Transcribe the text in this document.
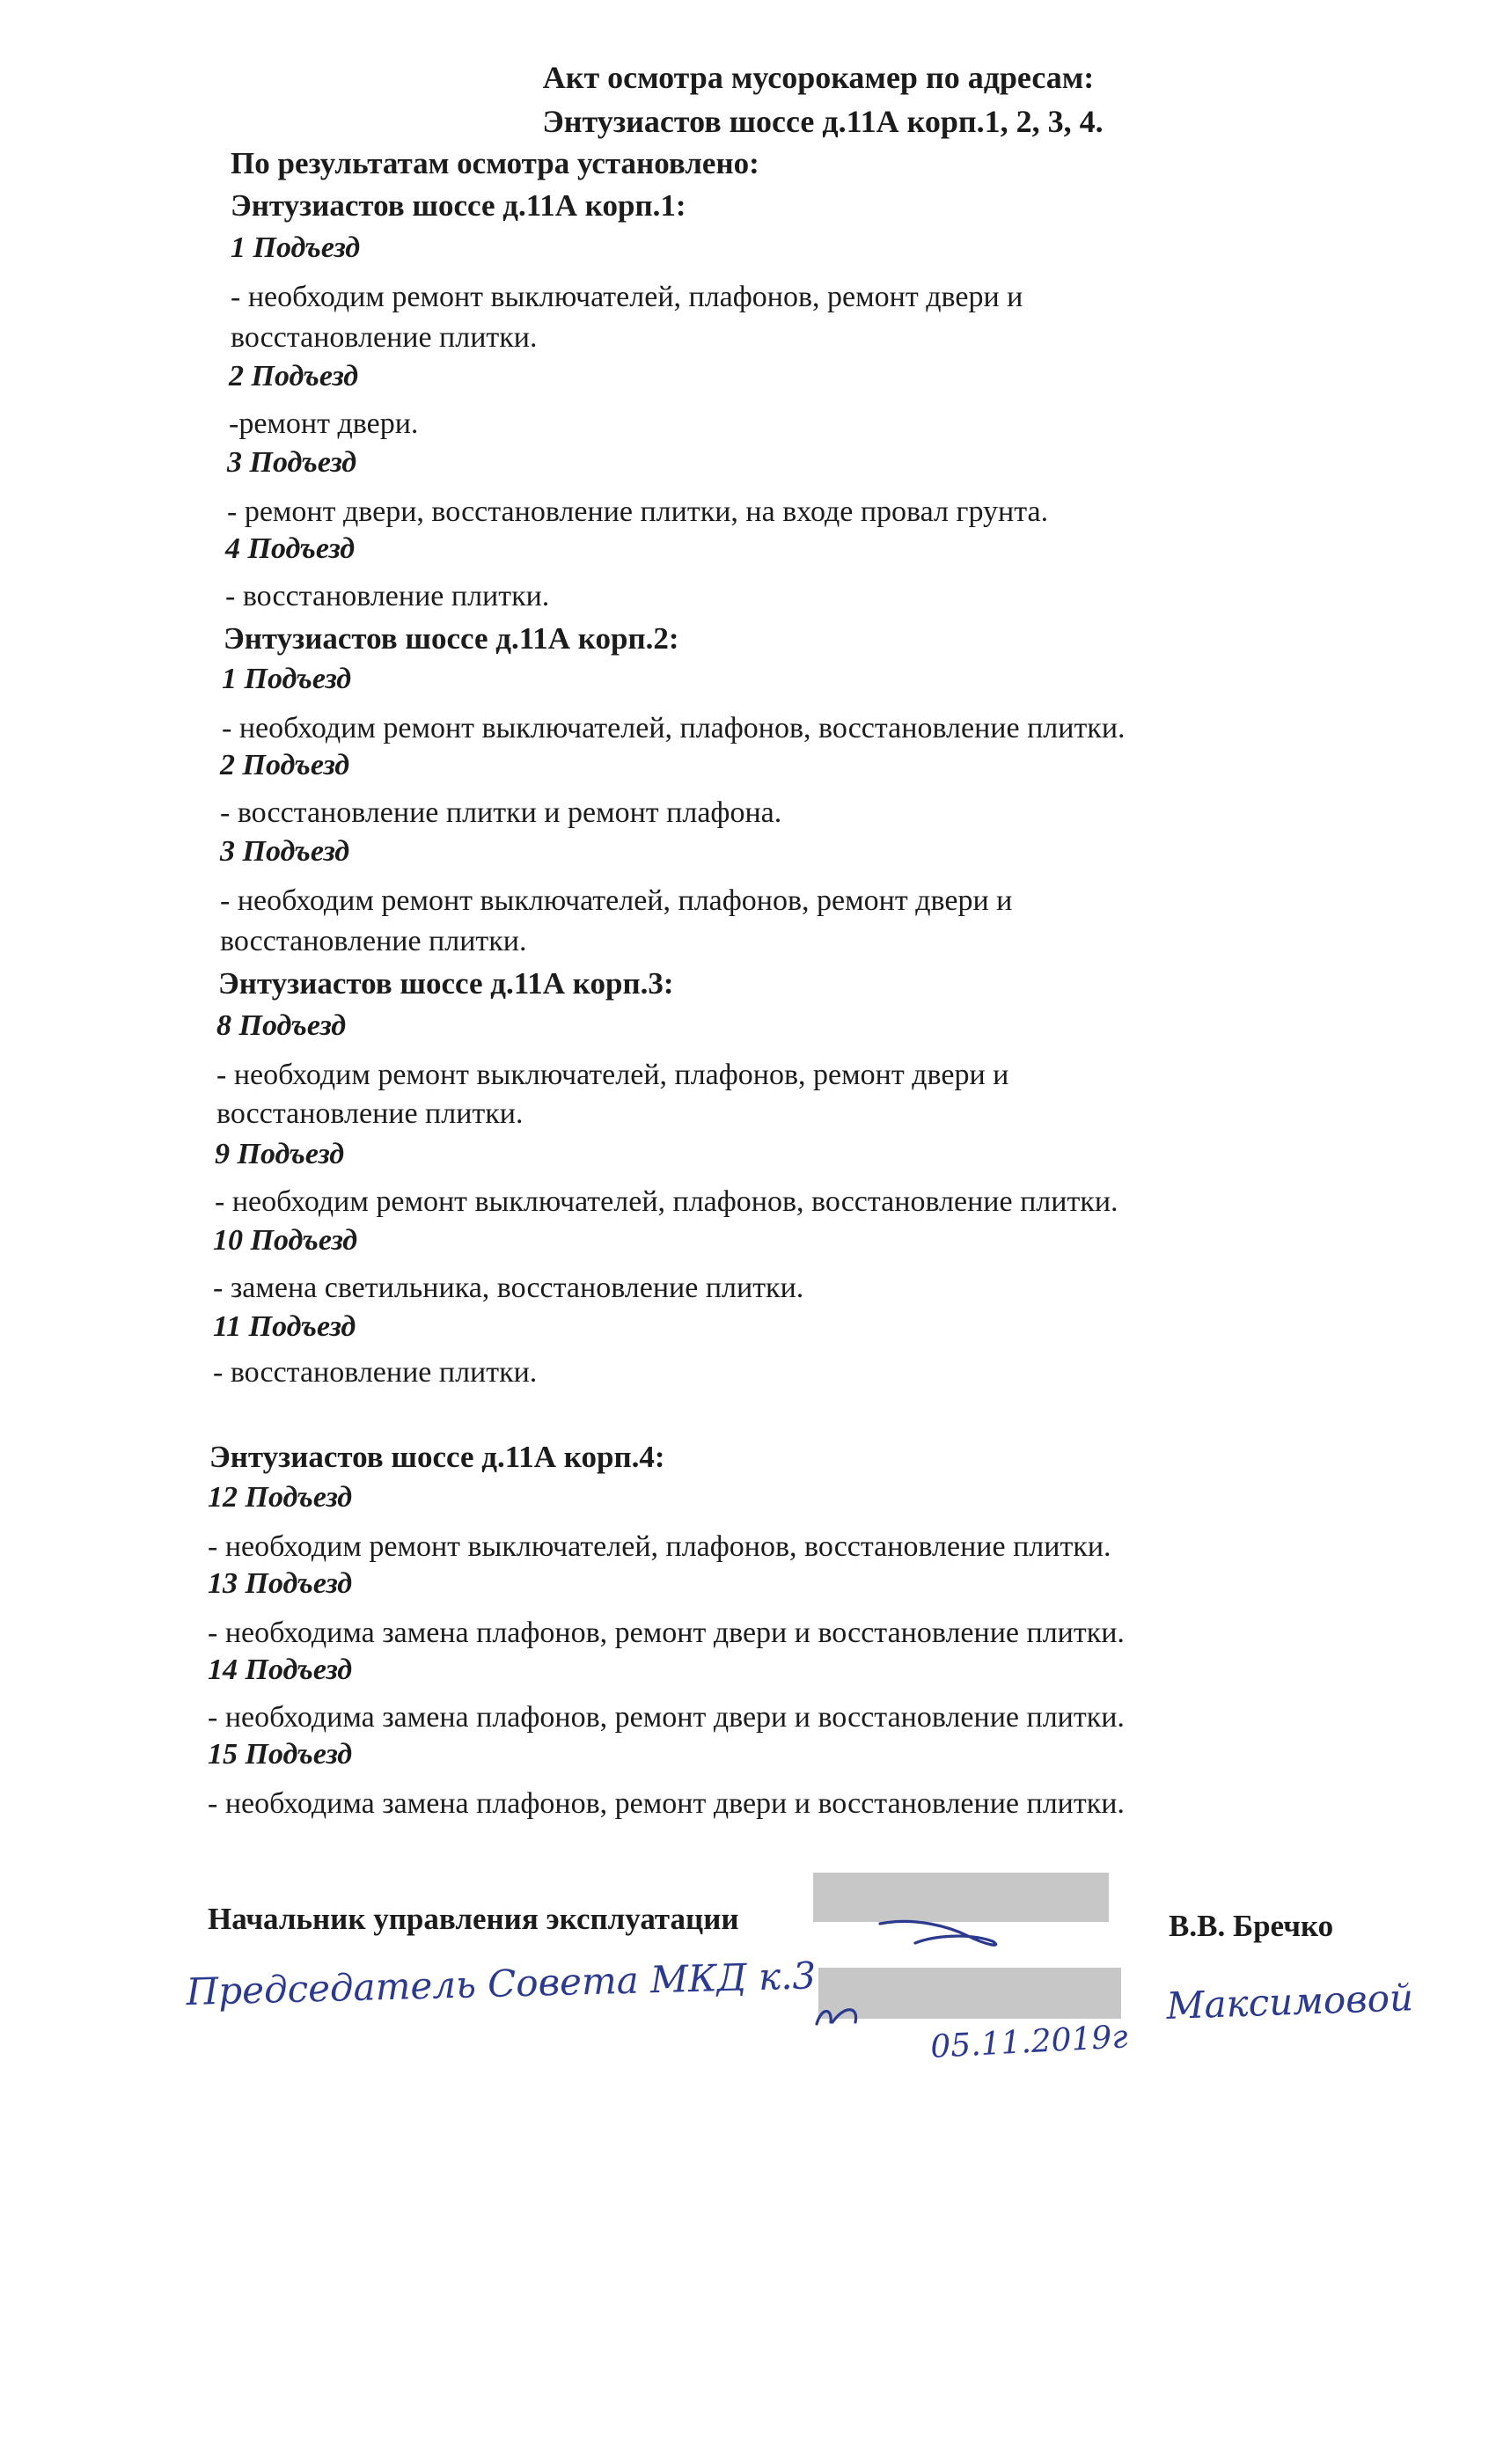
Акт осмотра мусорокамер по адресам:
Энтузиастов шоссе д.11А корп.1, 2, 3, 4.

По результатам осмотра установлено:

Энтузиастов шоссе д.11А корп.1:

1 Подъезд

- необходим ремонт выключателей, плафонов, ремонт двери и

восстановление плитки.

2 Подъезд

-ремонт двери.

3 Подъезд

- ремонт двери, восстановление плитки, на входе провал грунта.

4 Подъезд

- восстановление плитки.

Энтузиастов шоссе д.11А корп.2:

1 Подъезд

- необходим ремонт выключателей, плафонов, восстановление плитки.

2 Подъезд

- восстановление плитки и ремонт плафона.

3 Подъезд

- необходим ремонт выключателей, плафонов, ремонт двери и

восстановление плитки.

Энтузиастов шоссе д.11А корп.3:

8 Подъезд

- необходим ремонт выключателей, плафонов, ремонт двери и

восстановление плитки.

9 Подъезд

- необходим ремонт выключателей, плафонов, восстановление плитки.

10 Подъезд

- замена светильника, восстановление плитки.

11 Подъезд

- восстановление плитки.

Энтузиастов шоссе д.11А корп.4:

12 Подъезд

- необходим ремонт выключателей, плафонов, восстановление плитки.

13 Подъезд

- необходима замена плафонов, ремонт двери и восстановление плитки.

14 Подъезд

- необходима замена плафонов, ремонт двери и восстановление плитки.

15 Подъезд

- необходима замена плафонов, ремонт двери и восстановление плитки.

Начальник управления эксплуатации	В.В. Бречко
Председатель Совета МКД к.3	Максимовой
05.11.2019г
